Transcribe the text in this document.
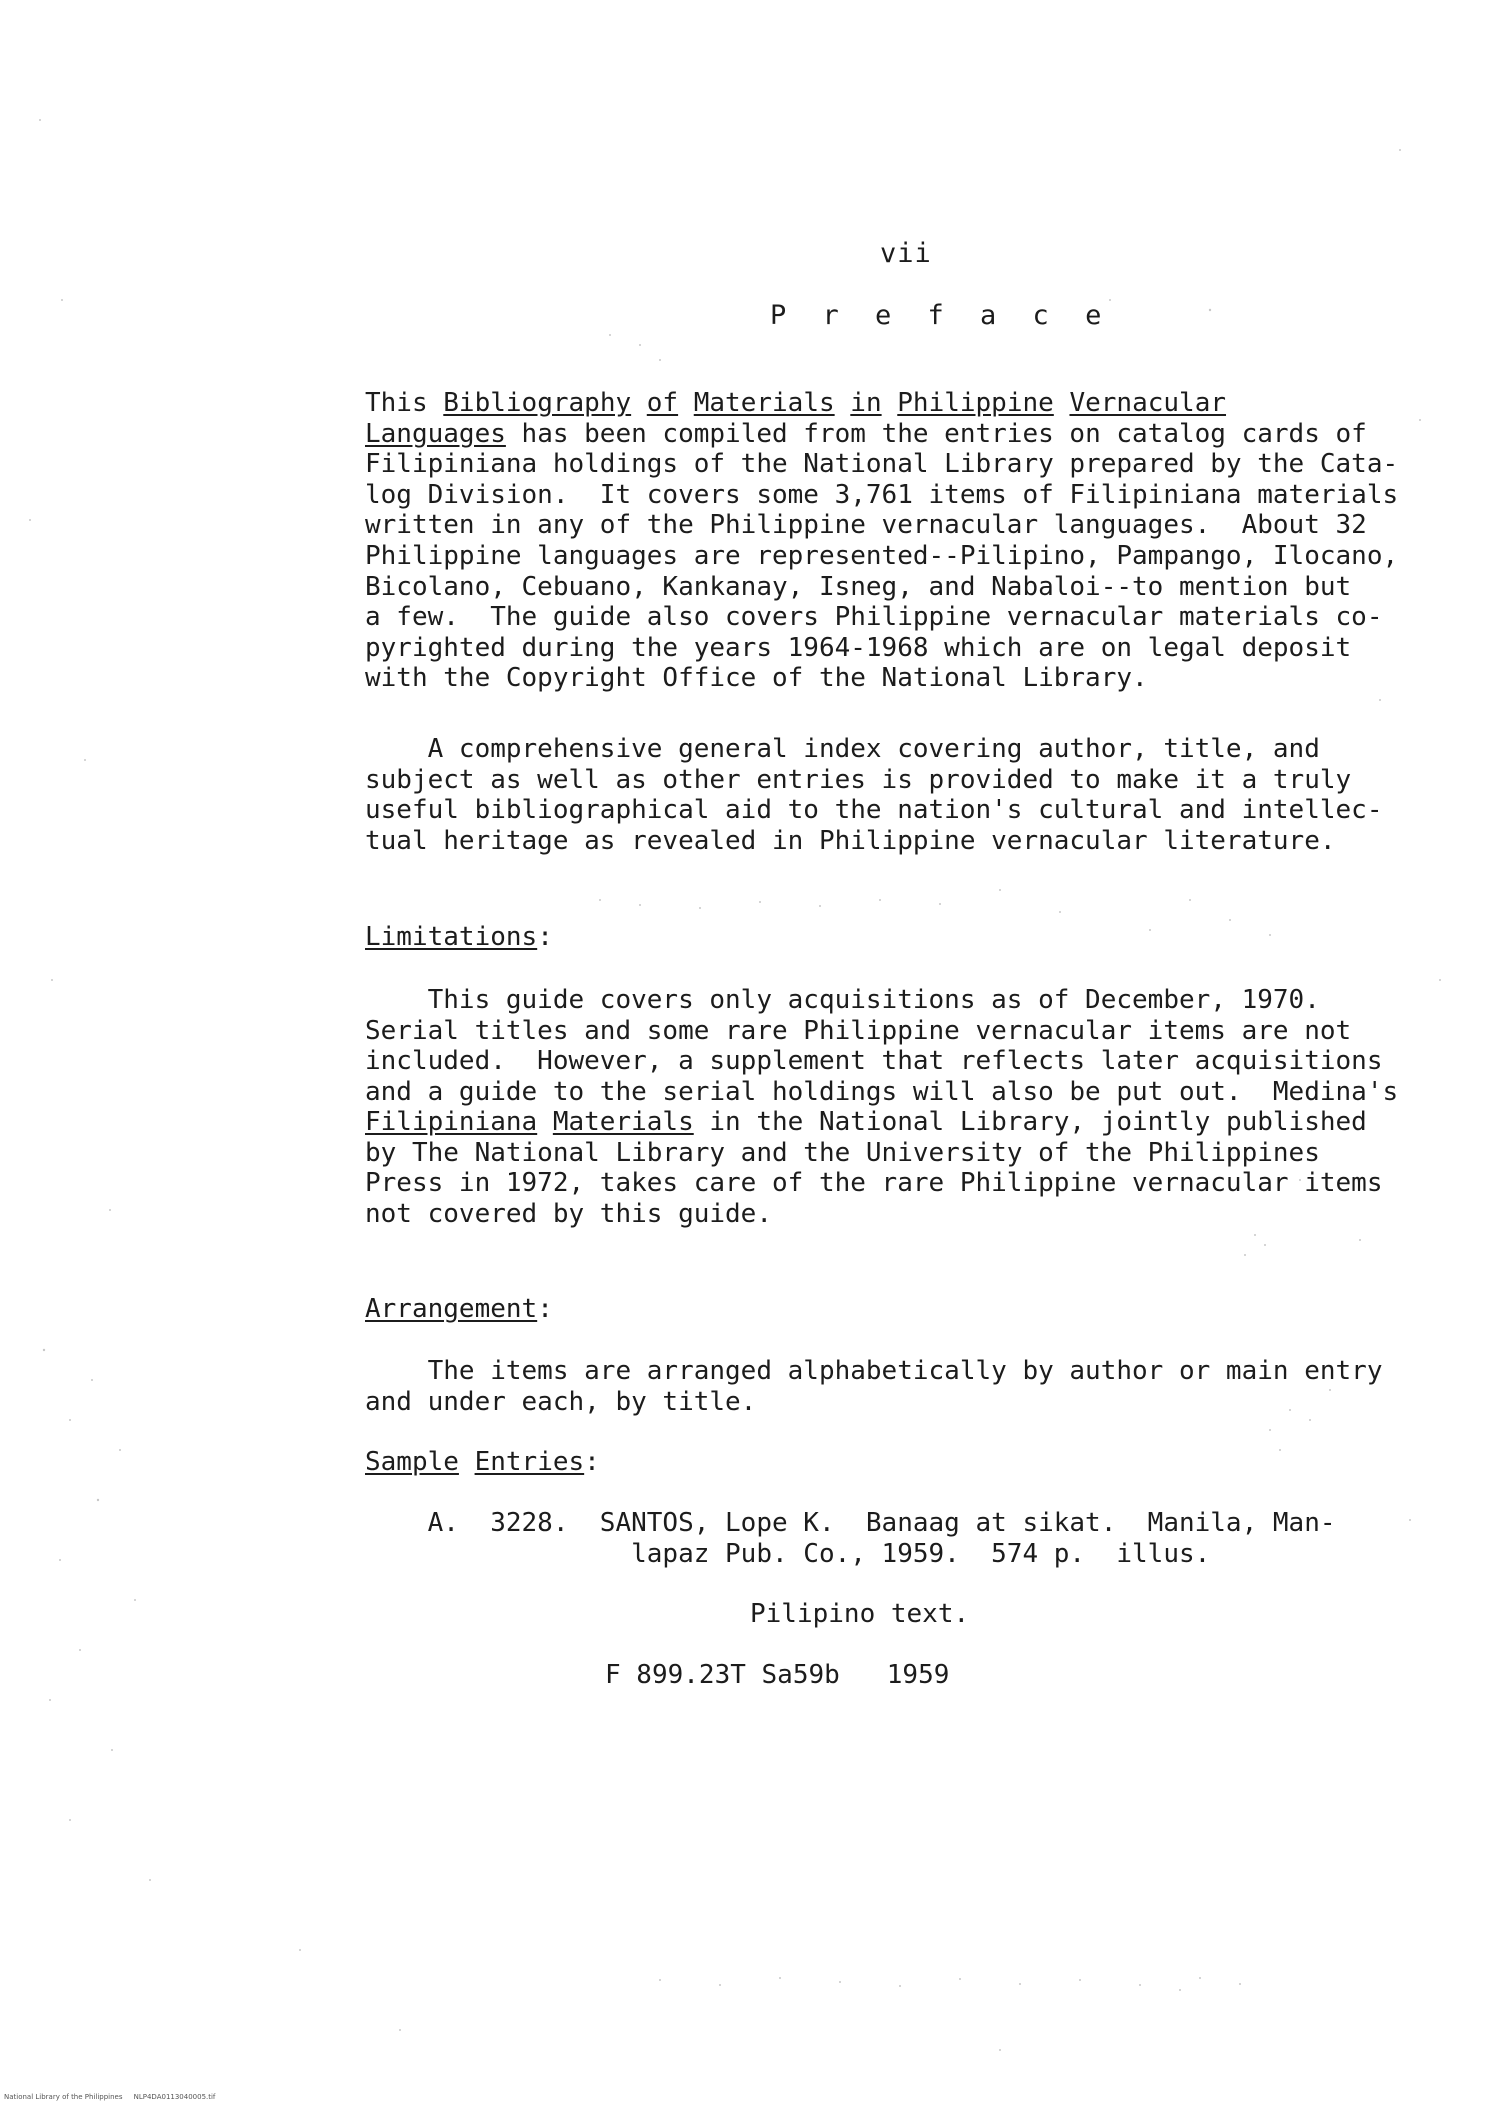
vii
P r e f a c e

This Bibliography of Materials in Philippine Vernacular
Languages has been compiled from the entries on catalog cards of
Filipiniana holdings of the National Library prepared by the Cata-
log Division.  It covers some 3,761 items of Filipiniana materials
written in any of the Philippine vernacular languages.  About 32
Philippine languages are represented--Pilipino, Pampango, Ilocano,
Bicolano, Cebuano, Kankanay, Isneg, and Nabaloi--to mention but
a few.  The guide also covers Philippine vernacular materials co-
pyrighted during the years 1964-1968 which are on legal deposit
with the Copyright Office of the National Library.

A comprehensive general index covering author, title, and
subject as well as other entries is provided to make it a truly
useful bibliographical aid to the nation's cultural and intellec-
tual heritage as revealed in Philippine vernacular literature.

Limitations:

This guide covers only acquisitions as of December, 1970.
Serial titles and some rare Philippine vernacular items are not
included.  However, a supplement that reflects later acquisitions
and a guide to the serial holdings will also be put out.  Medina's
Filipiniana Materials in the National Library, jointly published
by The National Library and the University of the Philippines
Press in 1972, takes care of the rare Philippine vernacular items
not covered by this guide.

Arrangement:

The items are arranged alphabetically by author or main entry
and under each, by title.

Sample Entries:

A.  3228.  SANTOS, Lope K.  Banaag at sikat.  Manila, Man-
lapaz Pub. Co., 1959.  574 p.  illus.

Pilipino text.

F 899.23T Sa59b   1959

National Library of the Philippines     NLP4DA0113040005.tif
